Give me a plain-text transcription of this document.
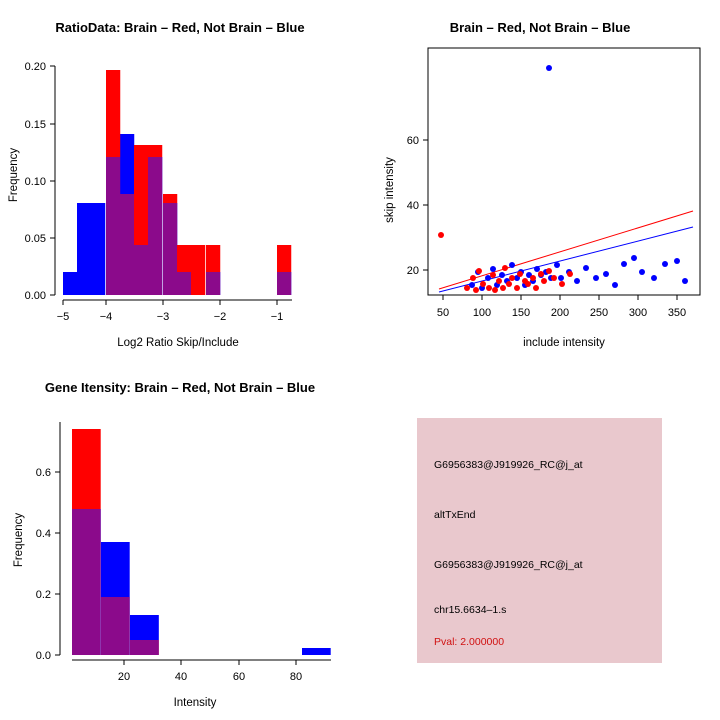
RatioData: Brain – Red, Not Brain – Blue
0.00
0.05
0.10
0.15
0.20
Frequency
−5	−4	−3	−2	−1
Log2 Ratio Skip/Include
Brain – Red, Not Brain – Blue
20
40
60
skip intensity
50 100 150 200 250 300 350
include intensity
Gene Itensity: Brain – Red, Not Brain – Blue
0.0
0.2
0.4
0.6
Frequency
20	40	60	80
Intensity
G6956383@J919926_RC@j_at
altTxEnd
G6956383@J919926_RC@j_at
chr15.6634–1.s
Pval: 2.000000
